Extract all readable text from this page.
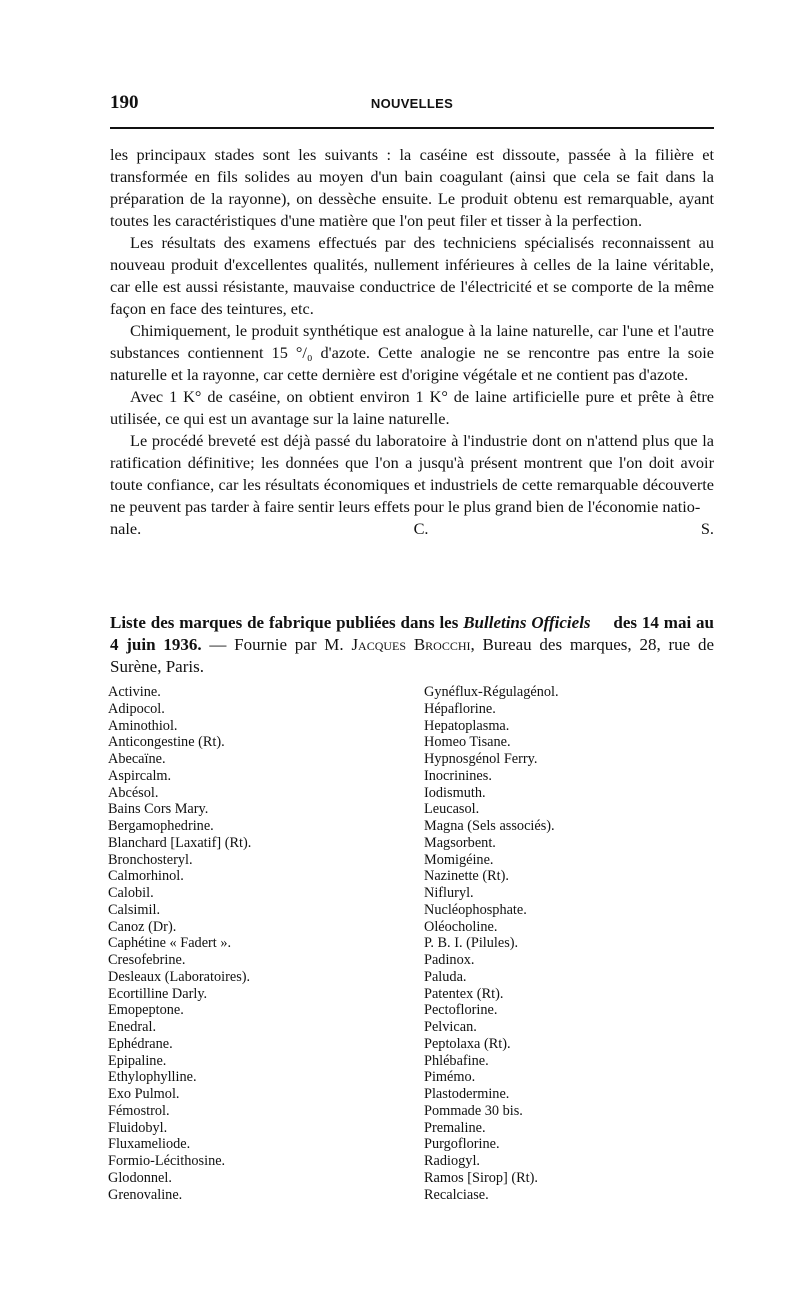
190	NOUVELLES

les principaux stades sont les suivants : la caséine est dissoute, passée à la filière et transformée en fils solides au moyen d'un bain coagulant (ainsi que cela se fait dans la préparation de la rayonne), on dessèche ensuite. Le produit obtenu est remarquable, ayant toutes les caractéristiques d'une matière que l'on peut filer et tisser à la perfection.

Les résultats des examens effectués par des techniciens spécialisés reconnaissent au nouveau produit d'excellentes qualités, nullement inférieures à celles de la laine véritable, car elle est aussi résistante, mauvaise conductrice de l'électricité et se comporte de la même façon en face des teintures, etc.

Chimiquement, le produit synthétique est analogue à la laine naturelle, car l'une et l'autre substances contiennent 15 °/₀ d'azote. Cette analogie ne se rencontre pas entre la soie naturelle et la rayonne, car cette dernière est d'origine végétale et ne contient pas d'azote.

Avec 1 K° de caséine, on obtient environ 1 K° de laine artificielle pure et prête à être utilisée, ce qui est un avantage sur la laine naturelle.

Le procédé breveté est déjà passé du laboratoire à l'industrie dont on n'attend plus que la ratification définitive; les données que l'on a jusqu'à présent montrent que l'on doit avoir toute confiance, car les résultats économiques et industriels de cette remarquable découverte ne peuvent pas tarder à faire sentir leurs effets pour le plus grand bien de l'économie natio-

nale.	C. S.

Liste des marques de fabrique publiées dans les Bulletins Officiels des 14 mai au 4 juin 1936. — Fournie par M. Jacques Brocchi, Bureau des marques, 28, rue de Surène, Paris.
Activine.
Adipocol.
Aminothiol.
Anticongestine (Rt).
Abecaïne.
Aspircalm.
Abcésol.
Bains Cors Mary.
Bergamophedrine.
Blanchard [Laxatif] (Rt).
Bronchosteryl.
Calmorhinol.
Calobil.
Calsimil.
Canoz (Dr).
Caphétine « Fadert ».
Cresofebrine.
Desleaux (Laboratoires).
Ecortilline Darly.
Emopeptone.
Enedral.
Ephédrane.
Epipaline.
Ethylophylline.
Exo Pulmol.
Fémostrol.
Fluidobyl.
Fluxameliode.
Formio-Lécithosine.
Glodonnel.
Grenovaline.
Gynéflux-Régulagénol.
Hépaflorine.
Hepatoplasma.
Homeo Tisane.
Hypnosgénol Ferry.
Inocrinines.
Iodismuth.
Leucasol.
Magna (Sels associés).
Magsorbent.
Momigéine.
Nazinette (Rt).
Nifluryl.
Nucléophosphate.
Oléocholine.
P. B. I. (Pilules).
Padinox.
Paluda.
Patentex (Rt).
Pectoflorine.
Pelvican.
Peptolaxa (Rt).
Phlébafine.
Pimémo.
Plastodermine.
Pommade 30 bis.
Premaline.
Purgoflorine.
Radiogyl.
Ramos [Sirop] (Rt).
Recalciase.
